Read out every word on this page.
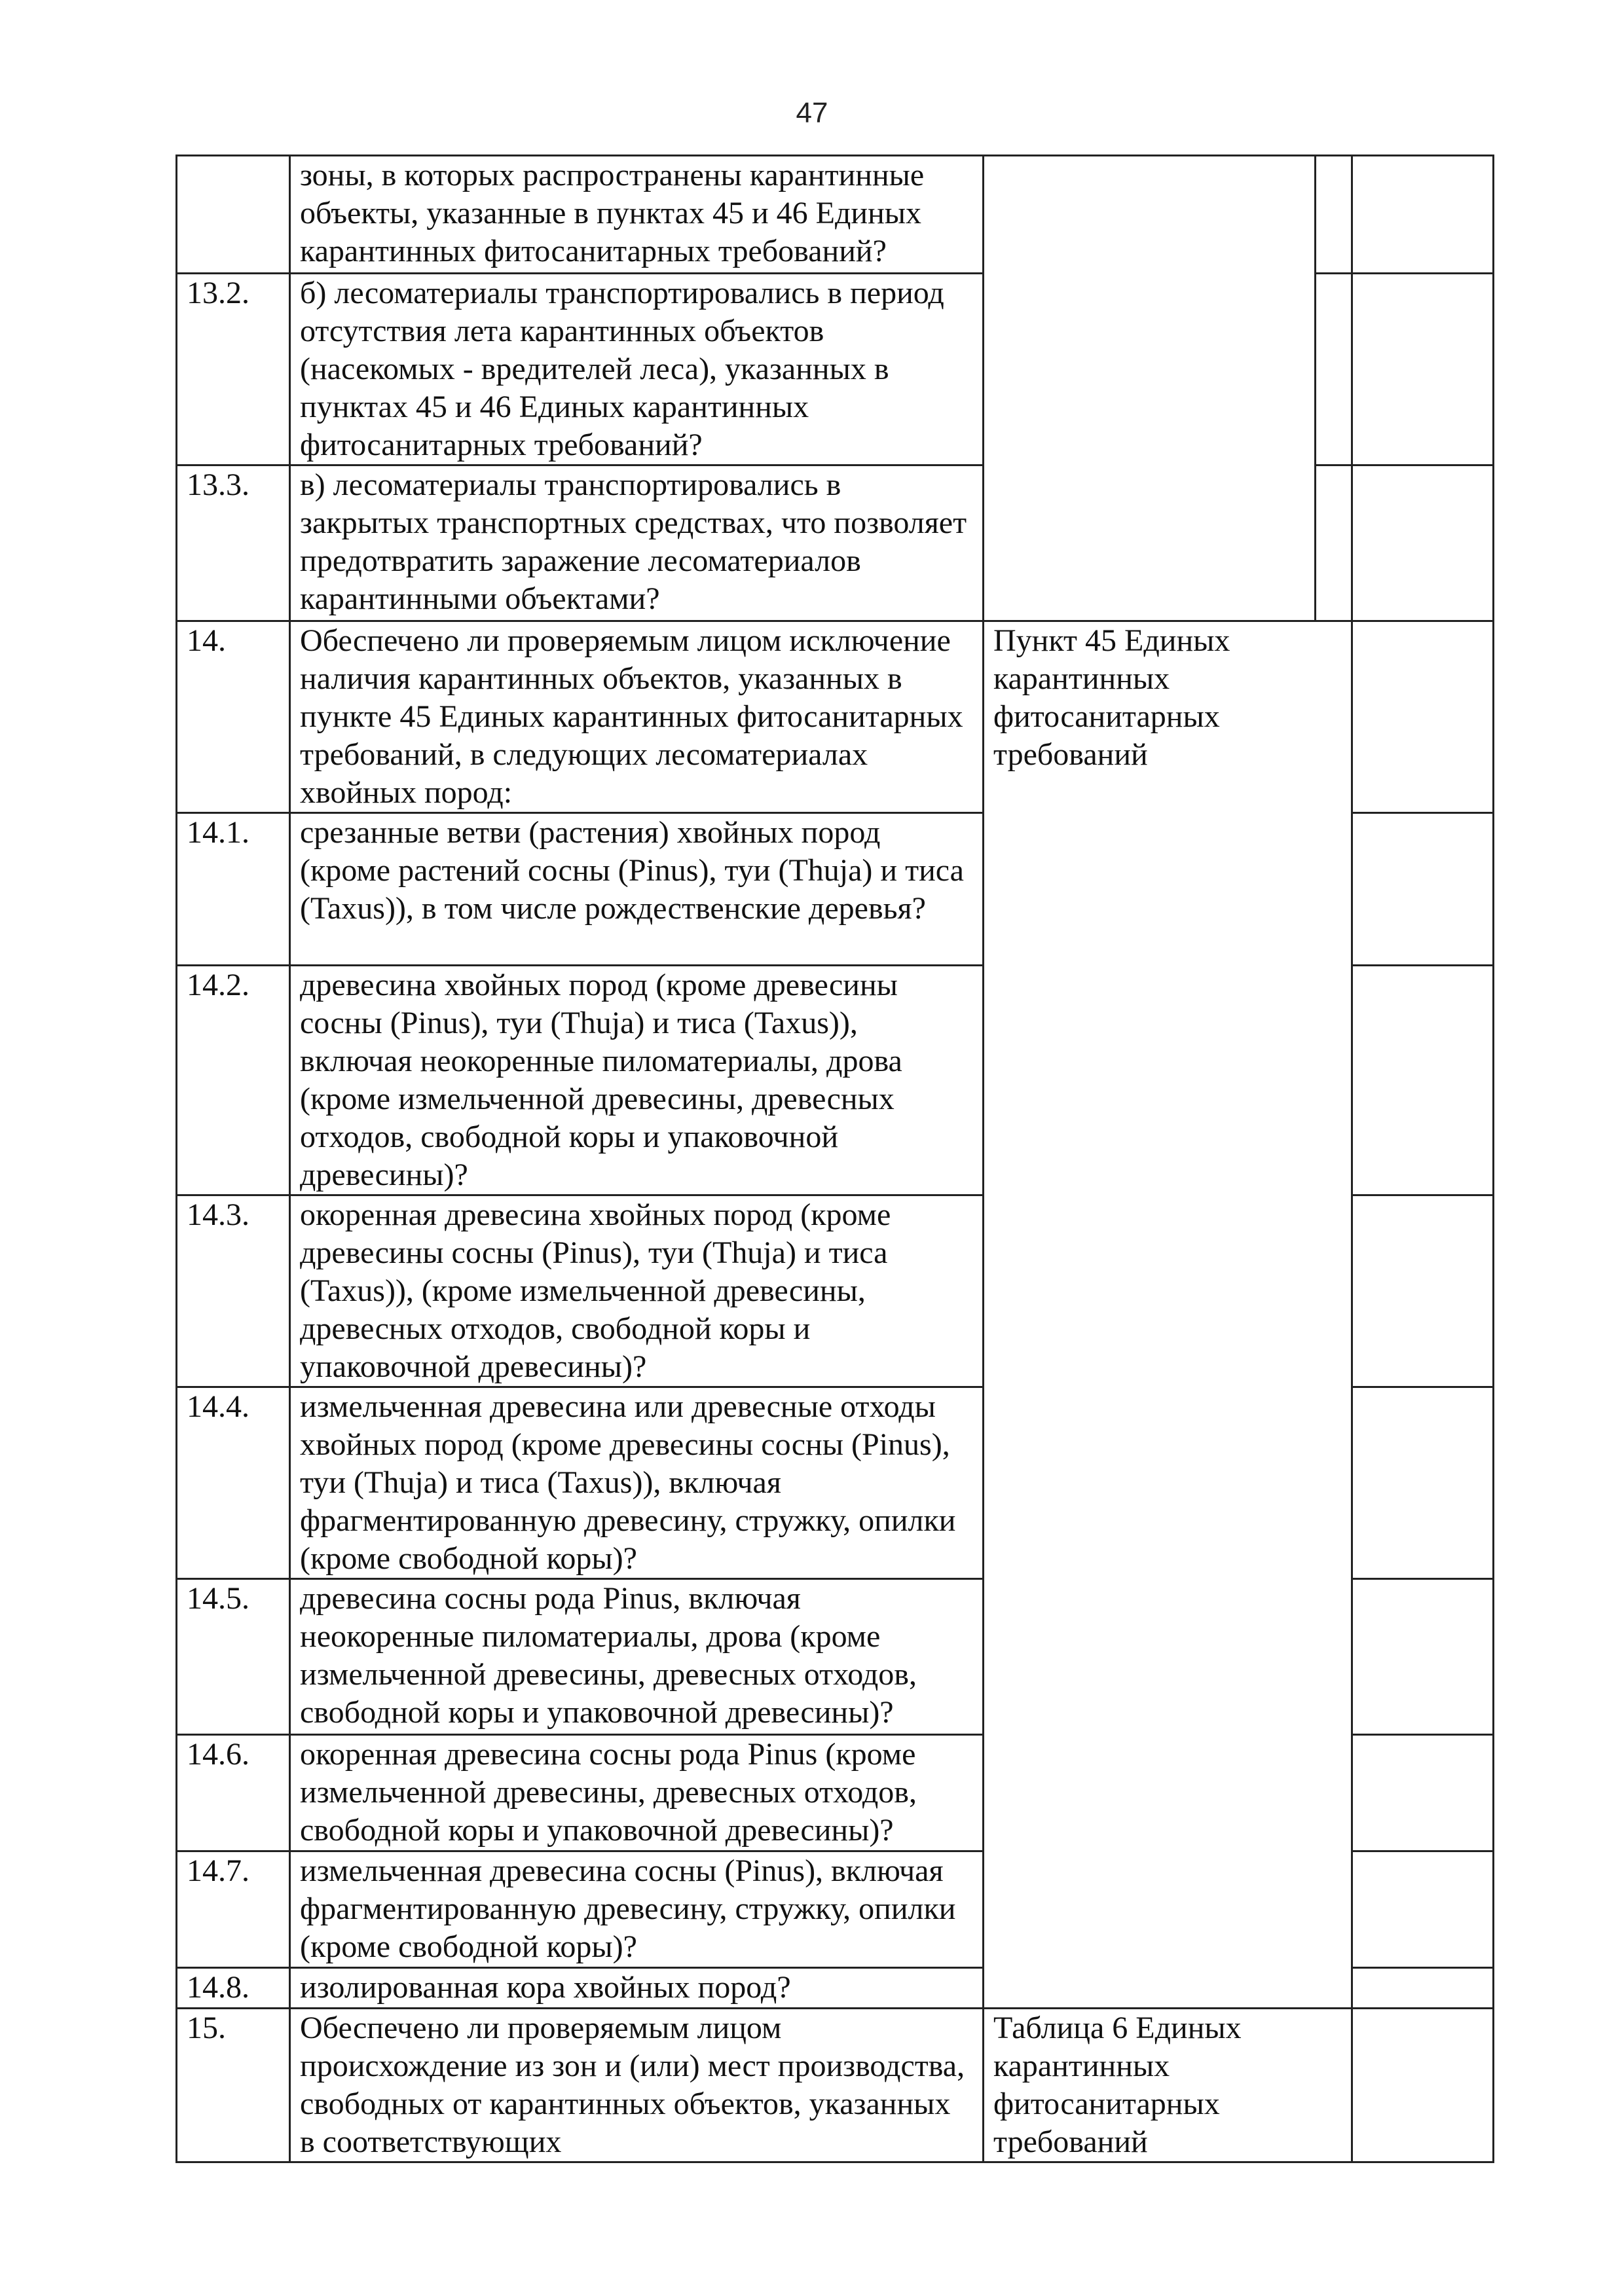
47
	зоны, в которых распространены карантинные объекты, указанные в пунктах 45 и 46 Единых карантинных фитосанитарных требований?			
13.2.	б) лесоматериалы транспортировались в период отсутствия лета карантинных объектов (насекомых - вредителей леса), указанных в пунктах 45 и 46 Единых карантинных фитосанитарных требований?			
13.3.	в) лесоматериалы транспортировались в закрытых транспортных средствах, что позволяет предотвратить заражение лесоматериалов карантинными объектами?			
14.	Обеспечено ли проверяемым лицом исключение наличия карантинных объектов, указанных в пункте 45 Единых карантинных фитосанитарных требований, в следующих лесоматериалах хвойных пород:	Пункт 45 Единых карантинных фитосанитарных требований		
14.1.	срезанные ветви (растения) хвойных пород (кроме растений сосны (Pinus), туи (Thuja) и тиса (Taxus)), в том числе рождественские деревья?			
14.2.	древесина хвойных пород (кроме древесины сосны (Pinus), туи (Thuja) и тиса (Taxus)), включая неокоренные пиломатериалы, дрова (кроме измельченной древесины, древесных отходов, свободной коры и упаковочной древесины)?			
14.3.	окоренная древесина хвойных пород (кроме древесины сосны (Pinus), туи (Thuja) и тиса (Taxus)), (кроме измельченной древесины, древесных отходов, свободной коры и упаковочной древесины)?			
14.4.	измельченная древесина или древесные отходы хвойных пород (кроме древесины сосны (Pinus), туи (Thuja) и тиса (Taxus)), включая фрагментированную древесину, стружку, опилки (кроме свободной коры)?			
14.5.	древесина сосны рода Pinus, включая неокоренные пиломатериалы, дрова (кроме измельченной древесины, древесных отходов, свободной коры и упаковочной древесины)?			
14.6.	окоренная древесина сосны рода Pinus (кроме измельченной древесины, древесных отходов, свободной коры и упаковочной древесины)?			
14.7.	измельченная древесина сосны (Pinus), включая фрагментированную древесину, стружку, опилки (кроме свободной коры)?			
14.8.	изолированная кора хвойных пород?			
15.	Обеспечено ли проверяемым лицом происхождение из зон и (или) мест производства, свободных от карантинных объектов, указанных в соответствующих	Таблица 6 Единых карантинных фитосанитарных требований		
